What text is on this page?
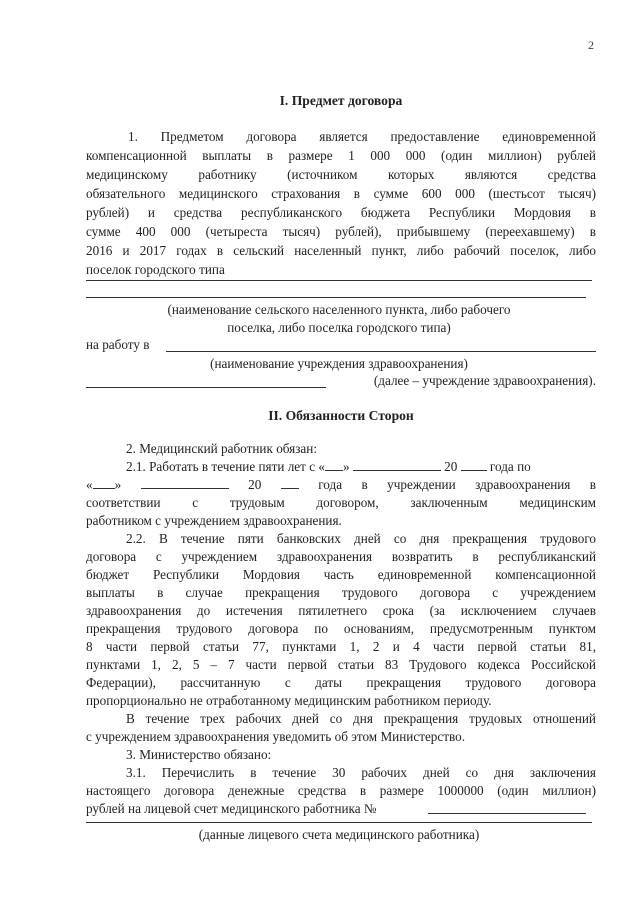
2
I. Предмет договора
1. Предметом договора является предоставление единовременной
компенсационной выплаты в размере 1 000 000 (один миллион) рублей
медицинскому работнику (источником которых являются средства
обязательного медицинского страхования в сумме 600 000 (шестьсот тысяч)
рублей) и средства республиканского бюджета Республики Мордовия в
сумме 400 000 (четыреста тысяч) рублей), прибывшему (переехавшему) в
2016 и 2017 годах в сельский населенный пункт, либо рабочий поселок, либо
поселок городского типа
(наименование сельского населенного пункта, либо рабочего
поселка, либо поселка городского типа)
на работу в
(наименование учреждения здравоохранения)
(далее – учреждение здравоохранения).
II. Обязанности Сторон
2. Медицинский работник обязан:
2.1. Работать в течение пяти лет с « »	20 года по
« »	20	года в учреждении здравоохранения в
соответствии с трудовым договором, заключенным медицинским
работником с учреждением здравоохранения.
2.2. В течение пяти банковских дней со дня прекращения трудового
договора с учреждением здравоохранения возвратить в республиканский
бюджет Республики Мордовия часть единовременной компенсационной
выплаты в случае прекращения трудового договора с учреждением
здравоохранения до истечения пятилетнего срока (за исключением случаев
прекращения трудового договора по основаниям, предусмотренным пунктом
8 части первой статьи 77, пунктами 1, 2 и 4 части первой статьи 81,
пунктами 1, 2, 5 – 7 части первой статьи 83 Трудового кодекса Российской
Федерации), рассчитанную с даты прекращения трудового договора
пропорционально не отработанному медицинским работником периоду.
В течение трех рабочих дней со дня прекращения трудовых отношений
с учреждением здравоохранения уведомить об этом Министерство.
3. Министерство обязано:
3.1. Перечислить в течение 30 рабочих дней со дня заключения
настоящего договора денежные средства в размере 1000000 (один миллион)
рублей на лицевой счет медицинского работника №
(данные лицевого счета медицинского работника)
